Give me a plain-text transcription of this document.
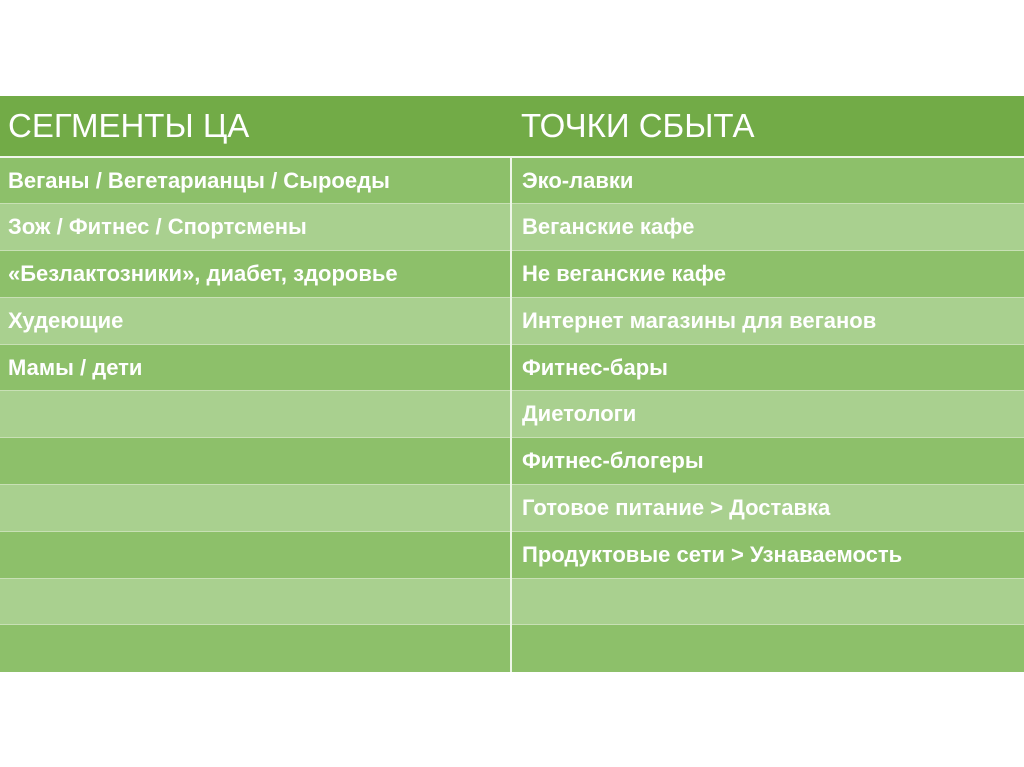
СЕГМЕНТЫ ЦА	ТОЧКИ СБЫТА
Веганы / Вегетарианцы / Сыроеды	Эко-лавки
Зож / Фитнес / Спортсмены	Веганские кафе
«Безлактозники», диабет, здоровье	Не веганские кафе
Худеющие	Интернет магазины для веганов
Мамы / дети	Фитнес-бары
	Диетологи
	Фитнес-блогеры
	Готовое питание > Доставка
	Продуктовые сети > Узнаваемость
